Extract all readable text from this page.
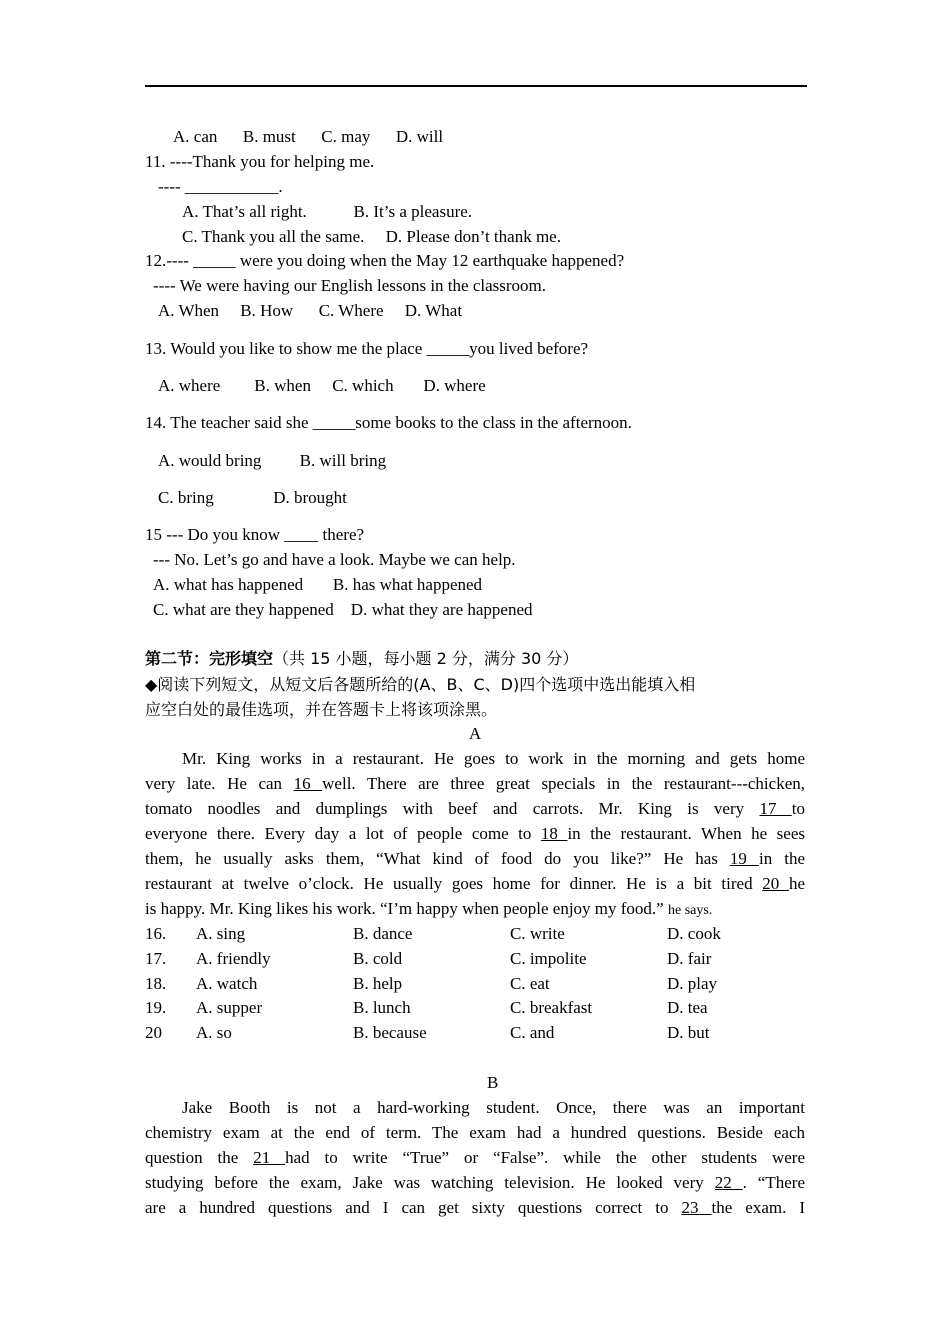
A. can      B. must      C. may      D. will
11. ----Thank you for helping me.
---- ___________.
A. That’s all right.           B. It’s a pleasure.
C. Thank you all the same.     D. Please don’t thank me.
12.---- _____ were you doing when the May 12 earthquake happened?
---- We were having our English lessons in the classroom.
A. When     B. How      C. Where     D. What
13. Would you like to show me the place _____you lived before?
A. where        B. when     C. which       D. where
14. The teacher said she _____some books to the class in the afternoon.
A. would bring         B. will bring
C. bring              D. brought
15 --- Do you know ____ there?
--- No. Let’s go and have a look. Maybe we can help.
A. what has happened       B. has what happened
C. what are they happened    D. what they are happened
第二节：完形填空（共 15 小题，每小题 2 分，满分 30 分）
◆阅读下列短文，从短文后各题所给的(A、B、C、D)四个选项中选出能填入相
应空白处的最佳选项，并在答题卡上将该项涂黑。
A
Mr. King works in a restaurant. He goes to work in the morning and gets home
very late. He can 16 well. There are three great specials in the restaurant---chicken,
tomato noodles and dumplings with beef and carrots. Mr. King is very 17 to
everyone there. Every day a lot of people come to 18 in the restaurant. When he sees
them, he usually asks them, “What kind of food do you like?” He has 19 in the
restaurant at twelve o’clock. He usually goes home for dinner. He is a bit tired 20 he
is happy. Mr. King likes his work. “I’m happy when people enjoy my food.” he says.
16. A. sing	B. dance	C. write	D. cook
17. A. friendly	B. cold	C. impolite	D. fair
18. A. watch	B. help	C. eat	D. play
19. A. supper	B. lunch	C. breakfast	D. tea
20 A. so	B. because	C. and	D. but
B
Jake Booth is not a hard-working student. Once, there was an important
chemistry exam at the end of term. The exam had a hundred questions. Beside each
question the 21 had to write “True” or “False”. while the other students were
studying before the exam, Jake was watching television. He looked very 22 . “There
are a hundred questions and I can get sixty questions correct to 23 the exam. I
